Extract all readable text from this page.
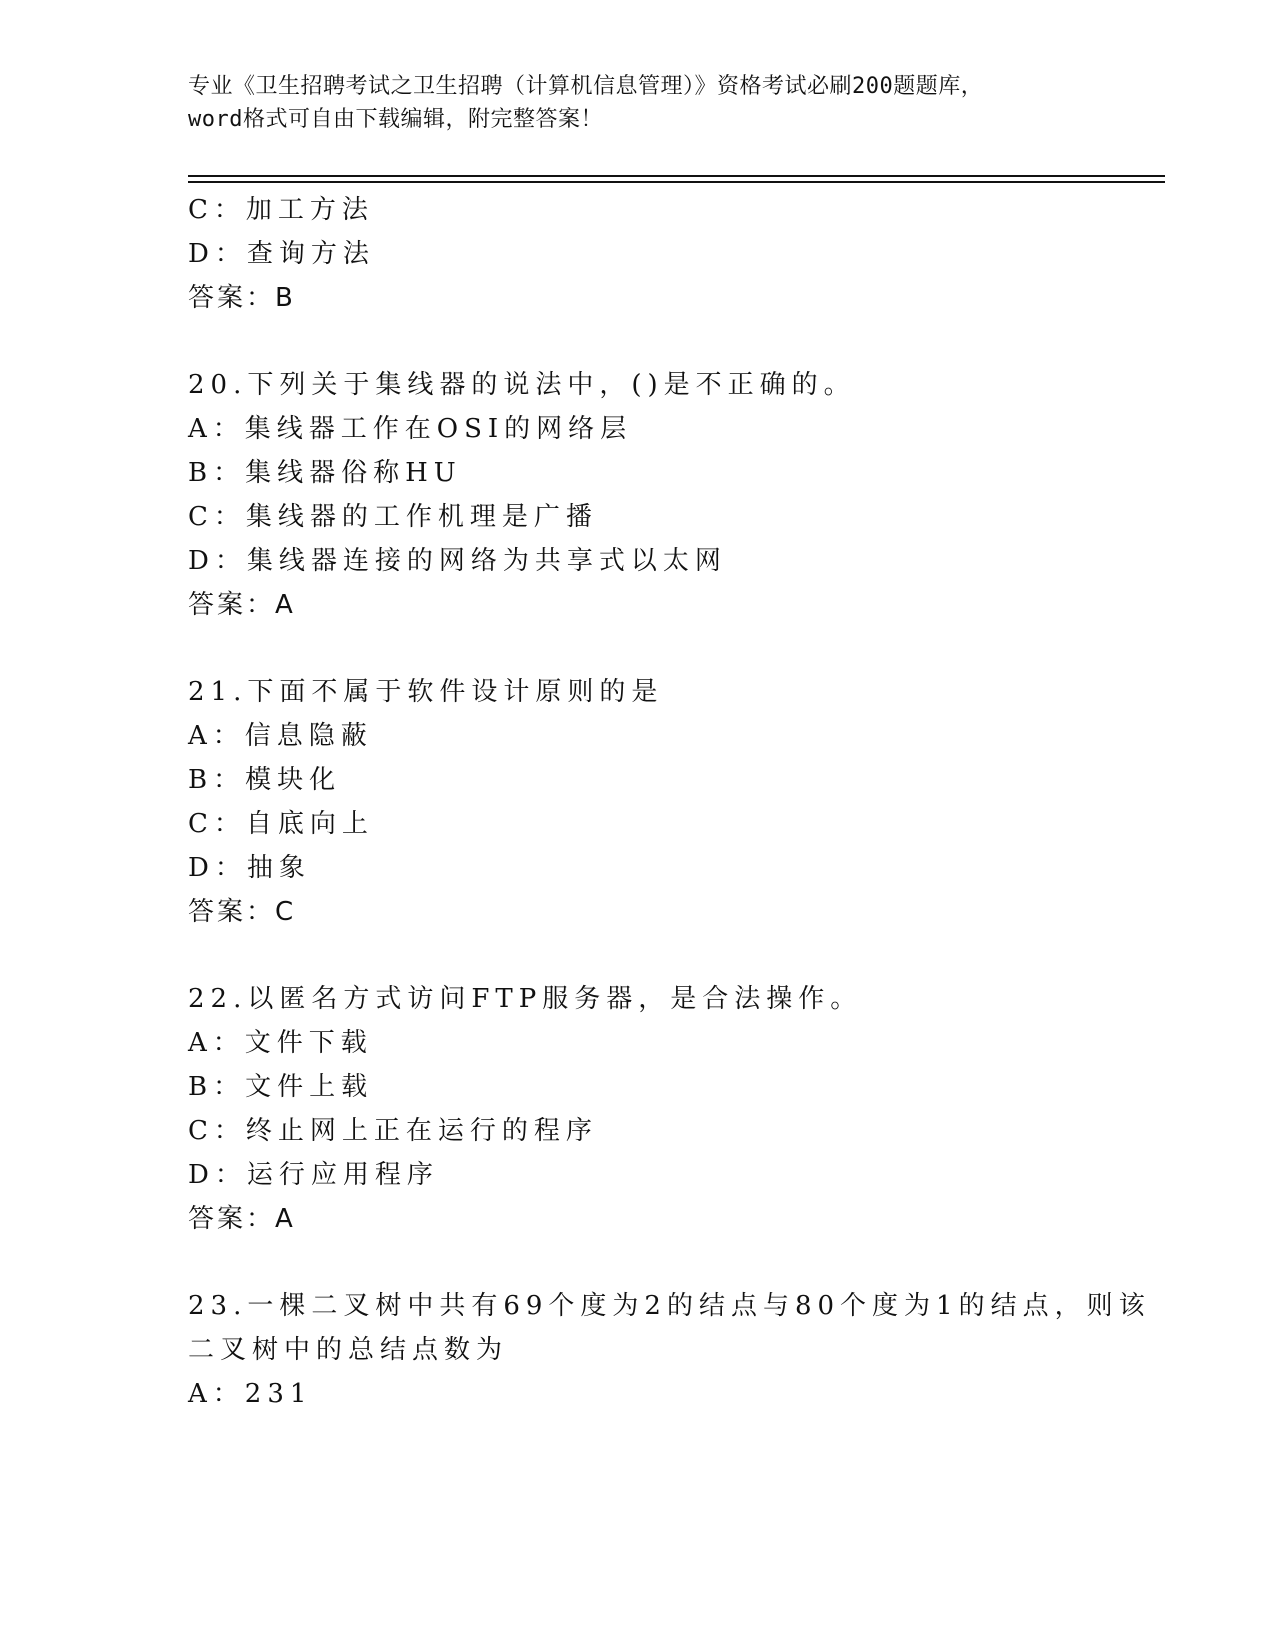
专业《卫生招聘考试之卫生招聘（计算机信息管理）》资格考试必刷200题题库，
word格式可自由下载编辑，附完整答案！
C：加工方法
D：查询方法
答案：B
20.下列关于集线器的说法中，()是不正确的。
A：集线器工作在OSI的网络层
B：集线器俗称HU
C：集线器的工作机理是广播
D：集线器连接的网络为共享式以太网
答案：A
21.下面不属于软件设计原则的是
A：信息隐蔽
B：模块化
C：自底向上
D：抽象
答案：C
22.以匿名方式访问FTP服务器，是合法操作。
A：文件下载
B：文件上载
C：终止网上正在运行的程序
D：运行应用程序
答案：A
23.一棵二叉树中共有69个度为2的结点与80个度为1的结点，则该
二叉树中的总结点数为
A：231
